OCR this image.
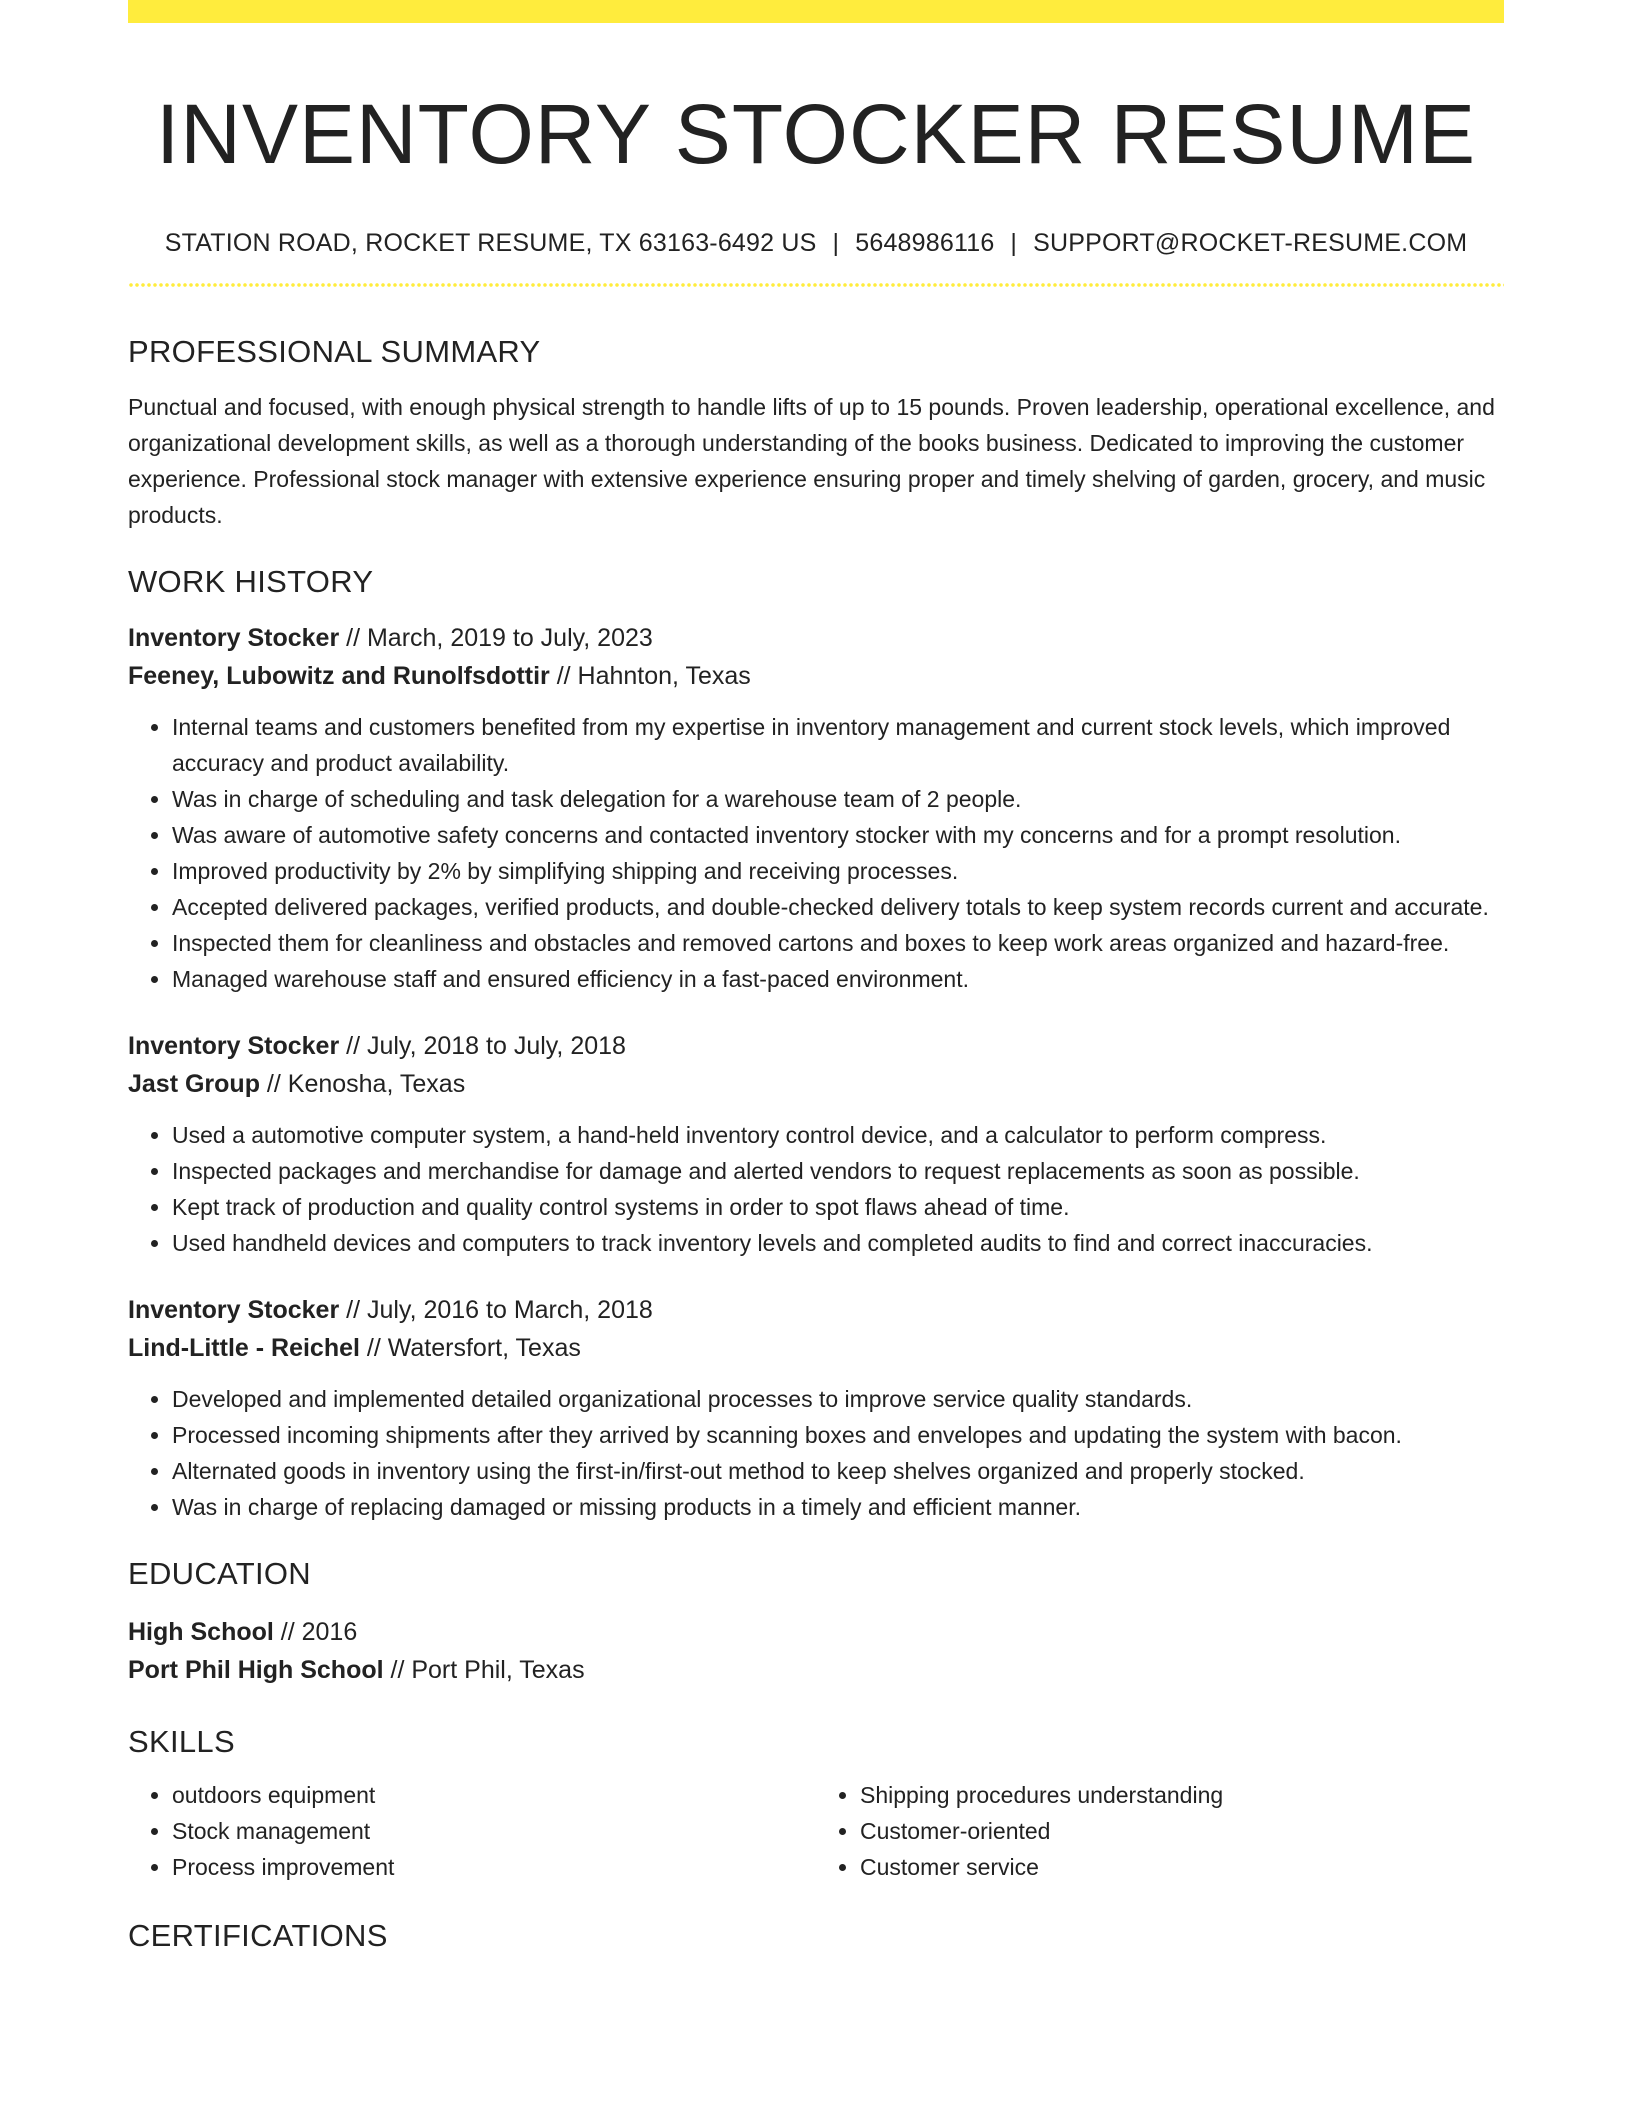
INVENTORY STOCKER RESUME
STATION ROAD, ROCKET RESUME, TX 63163-6492 US | 5648986116 | SUPPORT@ROCKET-RESUME.COM
PROFESSIONAL SUMMARY
Punctual and focused, with enough physical strength to handle lifts of up to 15 pounds. Proven leadership, operational excellence, and organizational development skills, as well as a thorough understanding of the books business. Dedicated to improving the customer experience. Professional stock manager with extensive experience ensuring proper and timely shelving of garden, grocery, and music products.
WORK HISTORY
Inventory Stocker // March, 2019 to July, 2023
Feeney, Lubowitz and Runolfsdottir // Hahnton, Texas
• Internal teams and customers benefited from my expertise in inventory management and current stock levels, which improved accuracy and product availability.
• Was in charge of scheduling and task delegation for a warehouse team of 2 people.
• Was aware of automotive safety concerns and contacted inventory stocker with my concerns and for a prompt resolution.
• Improved productivity by 2% by simplifying shipping and receiving processes.
• Accepted delivered packages, verified products, and double-checked delivery totals to keep system records current and accurate.
• Inspected them for cleanliness and obstacles and removed cartons and boxes to keep work areas organized and hazard-free.
• Managed warehouse staff and ensured efficiency in a fast-paced environment.
Inventory Stocker // July, 2018 to July, 2018
Jast Group // Kenosha, Texas
• Used a automotive computer system, a hand-held inventory control device, and a calculator to perform compress.
• Inspected packages and merchandise for damage and alerted vendors to request replacements as soon as possible.
• Kept track of production and quality control systems in order to spot flaws ahead of time.
• Used handheld devices and computers to track inventory levels and completed audits to find and correct inaccuracies.
Inventory Stocker // July, 2016 to March, 2018
Lind-Little - Reichel // Watersfort, Texas
• Developed and implemented detailed organizational processes to improve service quality standards.
• Processed incoming shipments after they arrived by scanning boxes and envelopes and updating the system with bacon.
• Alternated goods in inventory using the first-in/first-out method to keep shelves organized and properly stocked.
• Was in charge of replacing damaged or missing products in a timely and efficient manner.
EDUCATION
High School // 2016
Port Phil High School // Port Phil, Texas
SKILLS
• outdoors equipment
• Stock management
• Process improvement
• Shipping procedures understanding
• Customer-oriented
• Customer service
CERTIFICATIONS
